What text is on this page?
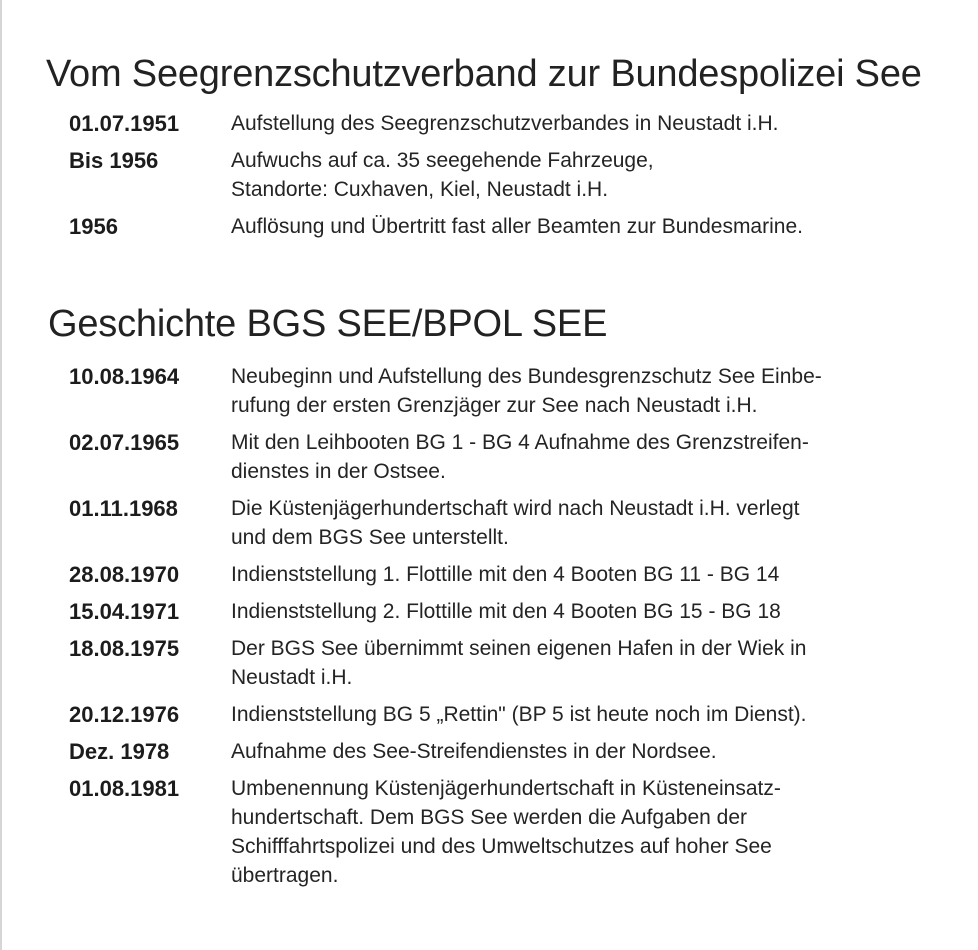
Vom Seegrenzschutzverband zur Bundespolizei See
01.07.1951	Aufstellung des Seegrenzschutzverbandes in Neustadt i.H.

Bis 1956	Aufwuchs auf ca. 35 seegehende Fahrzeuge,
Standorte: Cuxhaven, Kiel, Neustadt i.H.

1956	Auflösung und Übertritt fast aller Beamten zur Bundesmarine.

Geschichte BGS SEE/BPOL SEE
10.08.1964	Neubeginn und Aufstellung des Bundesgrenzschutz See Einbe-
rufung der ersten Grenzjäger zur See nach Neustadt i.H.

02.07.1965	Mit den Leihbooten BG 1 - BG 4 Aufnahme des Grenzstreifen-
dienstes in der Ostsee.

01.11.1968	Die Küstenjägerhundertschaft wird nach Neustadt i.H. verlegt
und dem BGS See unterstellt.

28.08.1970	Indienststellung 1. Flottille mit den 4 Booten BG 11 - BG 14

15.04.1971	Indienststellung 2. Flottille mit den 4 Booten BG 15 - BG 18

18.08.1975	Der BGS See übernimmt seinen eigenen Hafen in der Wiek in
Neustadt i.H.

20.12.1976	Indienststellung BG 5 „Rettin" (BP 5 ist heute noch im Dienst).

Dez. 1978	Aufnahme des See-Streifendienstes in der Nordsee.

01.08.1981	Umbenennung Küstenjägerhundertschaft in Küsteneinsatz-
hundertschaft. Dem BGS See werden die Aufgaben der
Schifffahrtspolizei und des Umweltschutzes auf hoher See
übertragen.
